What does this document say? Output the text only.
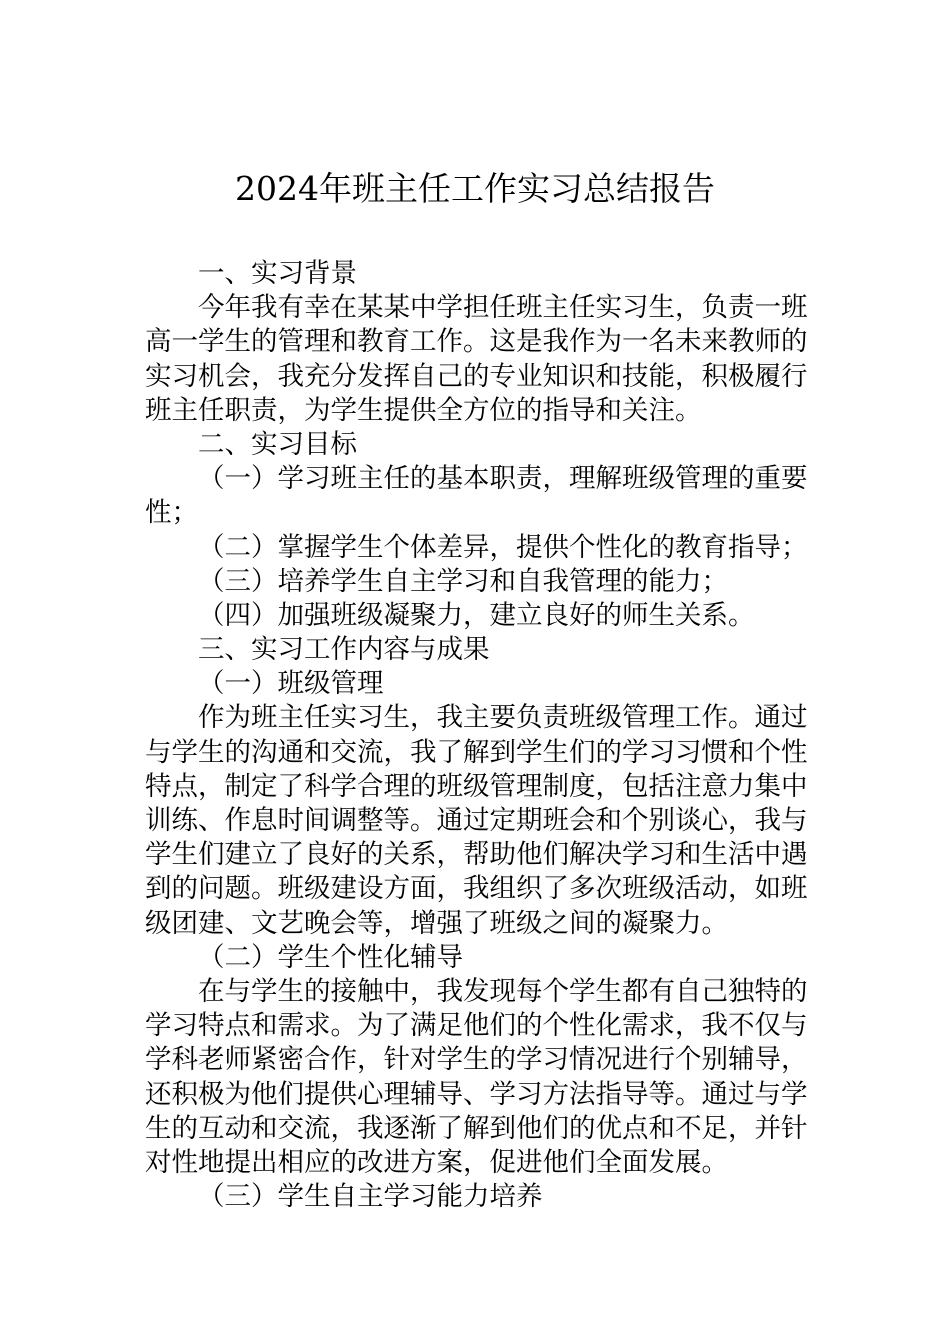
2024年班主任工作实习总结报告
一、实习背景
今年我有幸在某某中学担任班主任实习生，负责一班
高一学生的管理和教育工作。这是我作为一名未来教师的
实习机会，我充分发挥自己的专业知识和技能，积极履行
班主任职责，为学生提供全方位的指导和关注。
二、实习目标
（一）学习班主任的基本职责，理解班级管理的重要
性；
（二）掌握学生个体差异，提供个性化的教育指导；
（三）培养学生自主学习和自我管理的能力；
（四）加强班级凝聚力，建立良好的师生关系。
三、实习工作内容与成果
（一）班级管理
作为班主任实习生，我主要负责班级管理工作。通过
与学生的沟通和交流，我了解到学生们的学习习惯和个性
特点，制定了科学合理的班级管理制度，包括注意力集中
训练、作息时间调整等。通过定期班会和个别谈心，我与
学生们建立了良好的关系，帮助他们解决学习和生活中遇
到的问题。班级建设方面，我组织了多次班级活动，如班
级团建、文艺晚会等，增强了班级之间的凝聚力。
（二）学生个性化辅导
在与学生的接触中，我发现每个学生都有自己独特的
学习特点和需求。为了满足他们的个性化需求，我不仅与
学科老师紧密合作，针对学生的学习情况进行个别辅导，
还积极为他们提供心理辅导、学习方法指导等。通过与学
生的互动和交流，我逐渐了解到他们的优点和不足，并针
对性地提出相应的改进方案，促进他们全面发展。
（三）学生自主学习能力培养
